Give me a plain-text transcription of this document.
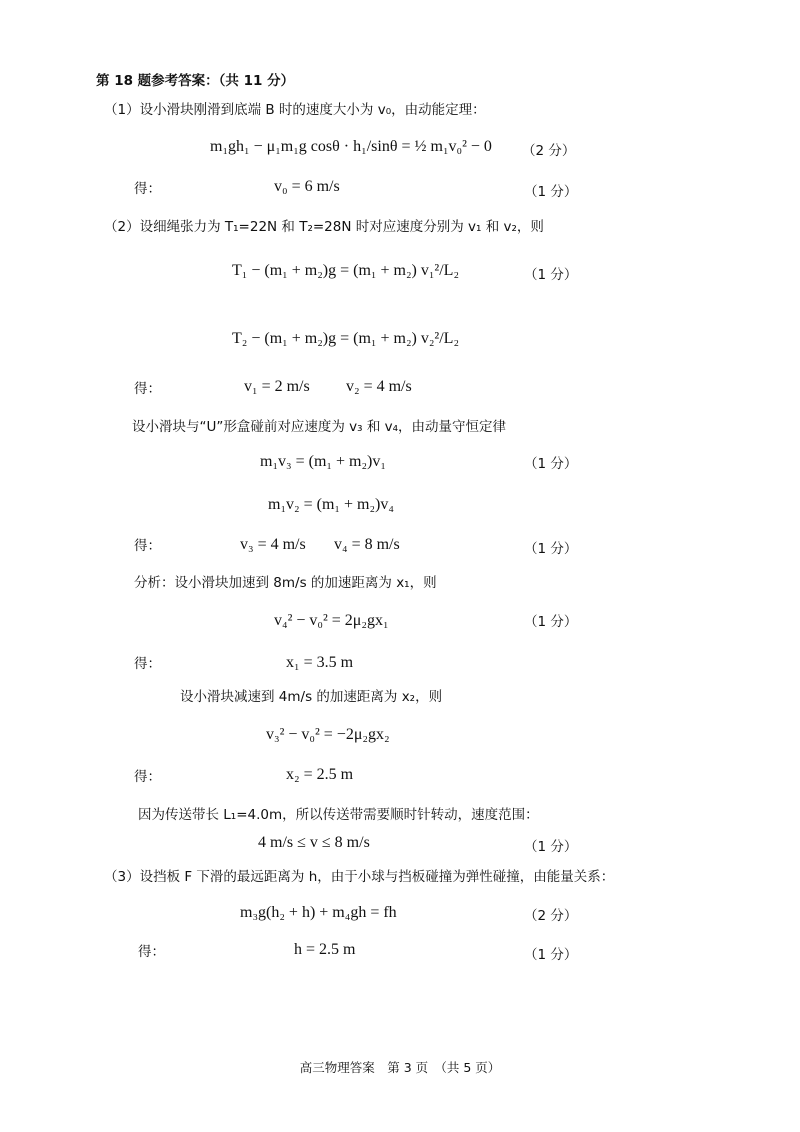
第 18 题参考答案：（共 11 分）
（1）设小滑块刚滑到底端 B 时的速度大小为 v₀，由动能定理：
m₁gh₁ − μ₁m₁g cosθ · h₁/sinθ = ½ m₁v₀² − 0 （2 分）
得：	v₀ = 6 m/s	（1 分）
（2）设细绳张力为 T₁=22N 和 T₂=28N 时对应速度分别为 v₁ 和 v₂，则
T₁ − (m₁ + m₂)g = (m₁ + m₂) v₁²/L₂	（1 分）
T₂ − (m₁ + m₂)g = (m₁ + m₂) v₂²/L₂
得：	v₁ = 2 m/s v₂ = 4 m/s
设小滑块与“U”形盒碰前对应速度为 v₃ 和 v₄，由动量守恒定律
m₁v₃ = (m₁ + m₂)v₁	（1 分）
m₁v₂ = (m₁ + m₂)v₄
得：	v₃ = 4 m/s v₄ = 8 m/s	（1 分）
分析：设小滑块加速到 8m/s 的加速距离为 x₁，则
v₄² − v₀² = 2μ₂gx₁	（1 分）
得：	x₁ = 3.5 m
设小滑块减速到 4m/s 的加速距离为 x₂，则
v₃² − v₀² = −2μ₂gx₂
得：	x₂ = 2.5 m
因为传送带长 L₁=4.0m，所以传送带需要顺时针转动，速度范围：
4 m/s ≤ v ≤ 8 m/s	（1 分）
（3）设挡板 F 下滑的最远距离为 h，由于小球与挡板碰撞为弹性碰撞，由能量关系：
m₃g(h₂ + h) + m₄gh = fh	（2 分）
得：	h = 2.5 m	（1 分）
高三物理答案　第 3 页　（共 5 页）
